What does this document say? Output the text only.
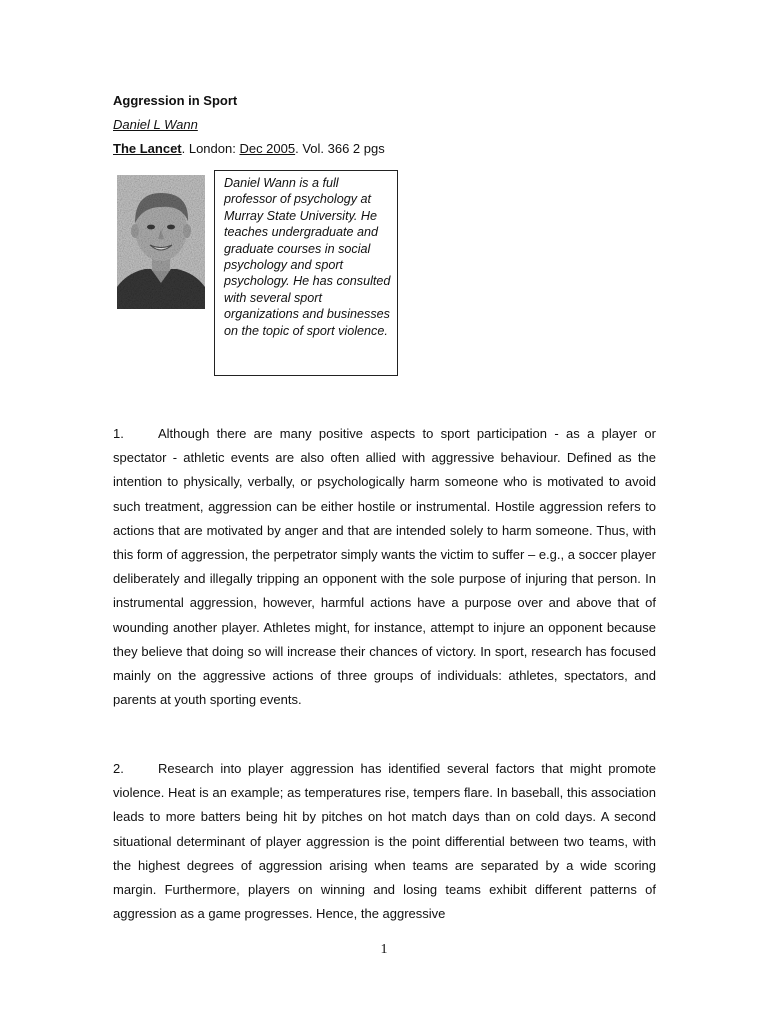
Aggression in Sport
Daniel L Wann
The Lancet. London: Dec 2005. Vol. 366 2 pgs

Daniel Wann is a full professor of psychology at Murray State University. He teaches undergraduate and graduate courses in social psychology and sport psychology. He has consulted with several sport organizations and businesses on the topic of sport violence.

1.	Although there are many positive aspects to sport participation - as a player or spectator - athletic events are also often allied with aggressive behaviour. Defined as the intention to physically, verbally, or psychologically harm someone who is motivated to avoid such treatment, aggression can be either hostile or instrumental. Hostile aggression refers to actions that are motivated by anger and that are intended solely to harm someone. Thus, with this form of aggression, the perpetrator simply wants the victim to suffer – e.g., a soccer player deliberately and illegally tripping an opponent with the sole purpose of injuring that person. In instrumental aggression, however, harmful actions have a purpose over and above that of wounding another player. Athletes might, for instance, attempt to injure an opponent because they believe that doing so will increase their chances of victory. In sport, research has focused mainly on the aggressive actions of three groups of individuals: athletes, spectators, and parents at youth sporting events.

2.	Research into player aggression has identified several factors that might promote violence. Heat is an example; as temperatures rise, tempers flare. In baseball, this association leads to more batters being hit by pitches on hot match days than on cold days. A second situational determinant of player aggression is the point differential between two teams, with the highest degrees of aggression arising when teams are separated by a wide scoring margin. Furthermore, players on winning and losing teams exhibit different patterns of aggression as a game progresses. Hence, the aggressive

1
